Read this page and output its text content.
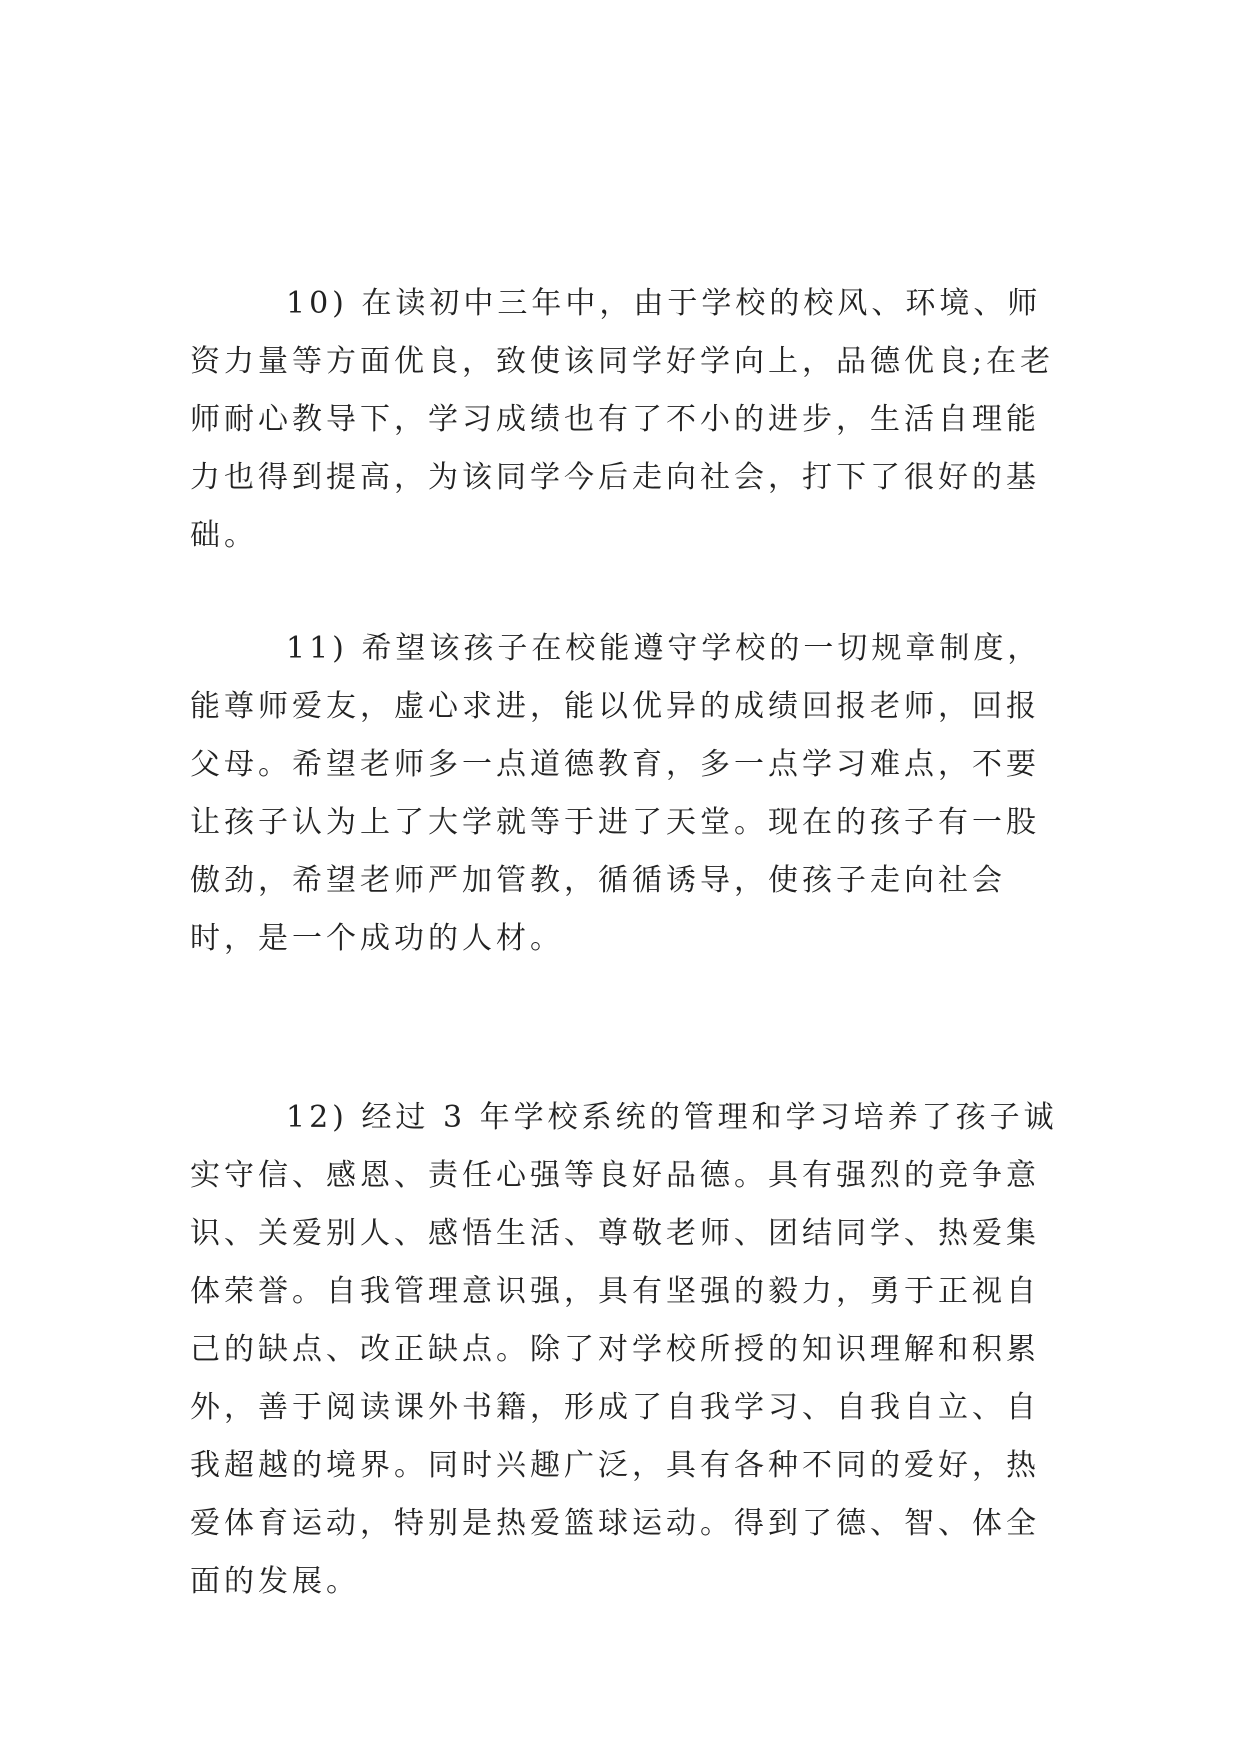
10) 在读初中三年中，由于学校的校风、环境、师资力量等方面优良，致使该同学好学向上，品德优良;在老师耐心教导下，学习成绩也有了不小的进步，生活自理能力也得到提高，为该同学今后走向社会，打下了很好的基础。

11) 希望该孩子在校能遵守学校的一切规章制度，能尊师爱友，虚心求进，能以优异的成绩回报老师，回报父母。希望老师多一点道德教育，多一点学习难点，不要让孩子认为上了大学就等于进了天堂。现在的孩子有一股傲劲，希望老师严加管教，循循诱导，使孩子走向社会时，是一个成功的人材。

12) 经过 3 年学校系统的管理和学习培养了孩子诚实守信、感恩、责任心强等良好品德。具有强烈的竞争意识、关爱别人、感悟生活、尊敬老师、团结同学、热爱集体荣誉。自我管理意识强，具有坚强的毅力，勇于正视自己的缺点、改正缺点。除了对学校所授的知识理解和积累外，善于阅读课外书籍，形成了自我学习、自我自立、自我超越的境界。同时兴趣广泛，具有各种不同的爱好，热爱体育运动，特别是热爱篮球运动。得到了德、智、体全面的发展。
